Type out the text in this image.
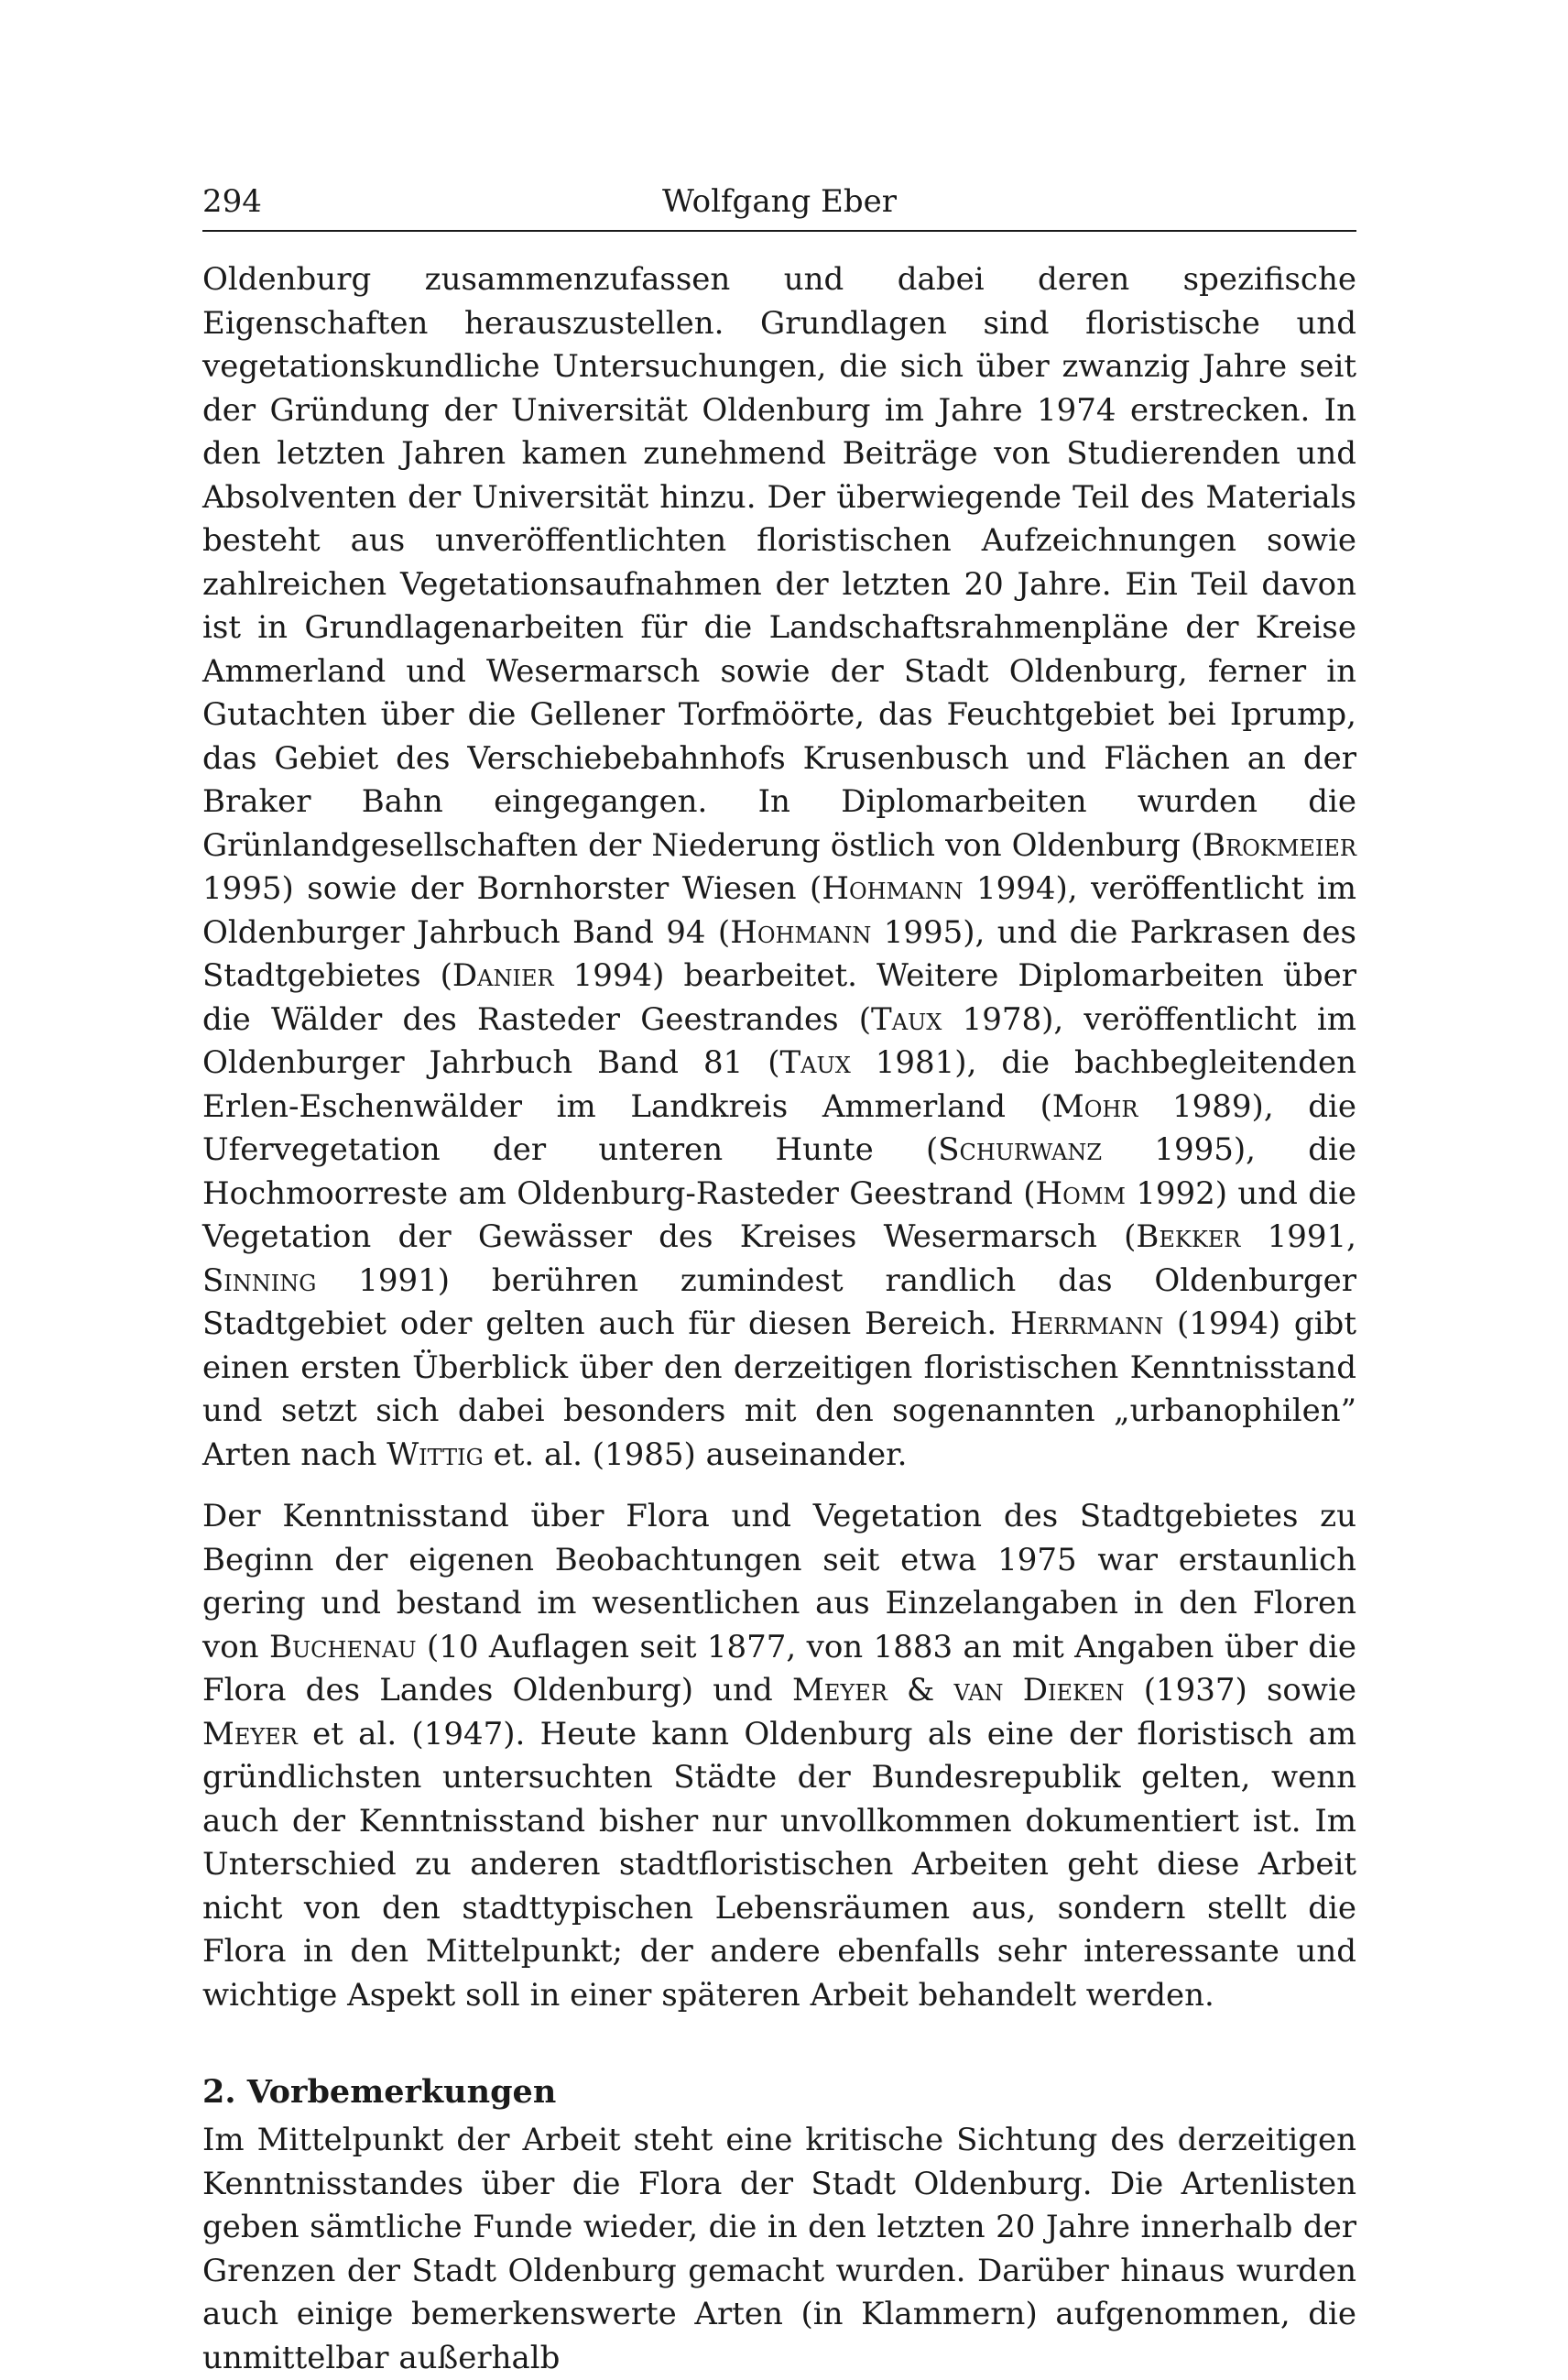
294	Wolfgang Eber

Oldenburg zusammenzufassen und dabei deren spezifische Eigenschaften herauszustellen. Grundlagen sind floristische und vegetationskundliche Untersuchungen, die sich über zwanzig Jahre seit der Gründung der Universität Oldenburg im Jahre 1974 erstrecken. In den letzten Jahren kamen zunehmend Beiträge von Studierenden und Absolventen der Universität hinzu. Der überwiegende Teil des Materials besteht aus unveröffentlichten floristischen Aufzeichnungen sowie zahlreichen Vegetationsaufnahmen der letzten 20 Jahre. Ein Teil davon ist in Grundlagenarbeiten für die Landschaftsrahmenpläne der Kreise Ammerland und Wesermarsch sowie der Stadt Oldenburg, ferner in Gutachten über die Gellener Torfmöörte, das Feuchtgebiet bei Iprump, das Gebiet des Verschiebebahnhofs Krusenbusch und Flächen an der Braker Bahn eingegangen. In Diplomarbeiten wurden die Grünlandgesellschaften der Niederung östlich von Oldenburg (Brokmeier 1995) sowie der Bornhorster Wiesen (Hohmann 1994), veröffentlicht im Oldenburger Jahrbuch Band 94 (Hohmann 1995), und die Parkrasen des Stadtgebietes (Danier 1994) bearbeitet. Weitere Diplomarbeiten über die Wälder des Rasteder Geestrandes (Taux 1978), veröffentlicht im Oldenburger Jahrbuch Band 81 (Taux 1981), die bachbegleitenden Erlen-Eschenwälder im Landkreis Ammerland (Mohr 1989), die Ufervegetation der unteren Hunte (Schurwanz 1995), die Hochmoorreste am Oldenburg-Rasteder Geestrand (Homm 1992) und die Vegetation der Gewässer des Kreises Wesermarsch (Bekker 1991, Sinning 1991) berühren zumindest randlich das Oldenburger Stadtgebiet oder gelten auch für diesen Bereich. Herrmann (1994) gibt einen ersten Überblick über den derzeitigen floristischen Kenntnisstand und setzt sich dabei besonders mit den sogenannten „urbanophilen” Arten nach Wittig et. al. (1985) auseinander.

Der Kenntnisstand über Flora und Vegetation des Stadtgebietes zu Beginn der eigenen Beobachtungen seit etwa 1975 war erstaunlich gering und bestand im wesentlichen aus Einzelangaben in den Floren von Buchenau (10 Auflagen seit 1877, von 1883 an mit Angaben über die Flora des Landes Oldenburg) und Meyer & van Dieken (1937) sowie Meyer et al. (1947). Heute kann Oldenburg als eine der floristisch am gründlichsten untersuchten Städte der Bundesrepublik gelten, wenn auch der Kenntnisstand bisher nur unvollkommen dokumentiert ist. Im Unterschied zu anderen stadtfloristischen Arbeiten geht diese Arbeit nicht von den stadttypischen Lebensräumen aus, sondern stellt die Flora in den Mittelpunkt; der andere ebenfalls sehr interessante und wichtige Aspekt soll in einer späteren Arbeit behandelt werden.

2. Vorbemerkungen

Im Mittelpunkt der Arbeit steht eine kritische Sichtung des derzeitigen Kenntnisstandes über die Flora der Stadt Oldenburg. Die Artenlisten geben sämtliche Funde wieder, die in den letzten 20 Jahre innerhalb der Grenzen der Stadt Oldenburg gemacht wurden. Darüber hinaus wurden auch einige bemerkenswerte Arten (in Klammern) aufgenommen, die unmittelbar außerhalb
